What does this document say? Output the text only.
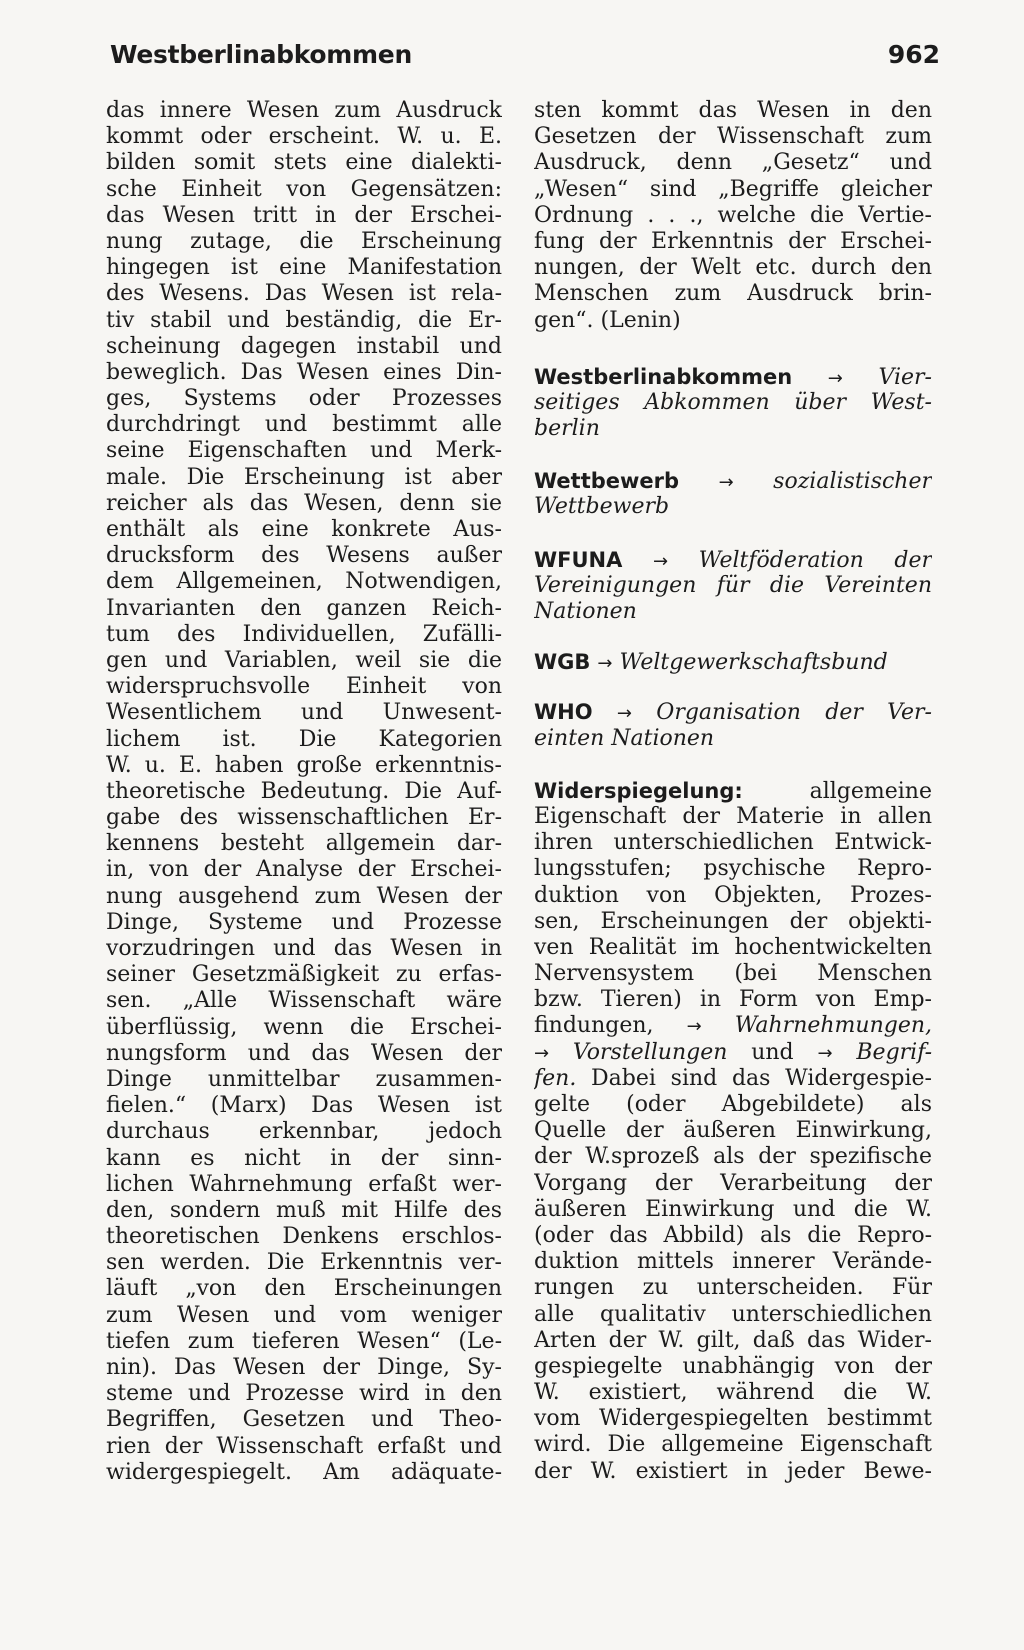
Westberlinabkommen	962
das innere Wesen zum Ausdruck
kommt oder erscheint. W. u. E.
bilden somit stets eine dialekti-
sche Einheit von Gegensätzen:
das Wesen tritt in der Erschei-
nung zutage, die Erscheinung
hingegen ist eine Manifestation
des Wesens. Das Wesen ist rela-
tiv stabil und beständig, die Er-
scheinung dagegen instabil und
beweglich. Das Wesen eines Din-
ges, Systems oder Prozesses
durchdringt und bestimmt alle
seine Eigenschaften und Merk-
male. Die Erscheinung ist aber
reicher als das Wesen, denn sie
enthält als eine konkrete Aus-
drucksform des Wesens außer
dem Allgemeinen, Notwendigen,
Invarianten den ganzen Reich-
tum des Individuellen, Zufälli-
gen und Variablen, weil sie die
widerspruchsvolle Einheit von
Wesentlichem und Unwesent-
lichem ist. Die Kategorien
W. u. E. haben große erkenntnis-
theoretische Bedeutung. Die Auf-
gabe des wissenschaftlichen Er-
kennens besteht allgemein dar-
in, von der Analyse der Erschei-
nung ausgehend zum Wesen der
Dinge, Systeme und Prozesse
vorzudringen und das Wesen in
seiner Gesetzmäßigkeit zu erfas-
sen. „Alle Wissenschaft wäre
überflüssig, wenn die Erschei-
nungsform und das Wesen der
Dinge unmittelbar zusammen-
fielen.“ (Marx) Das Wesen ist
durchaus erkennbar, jedoch
kann es nicht in der sinn-
lichen Wahrnehmung erfaßt wer-
den, sondern muß mit Hilfe des
theoretischen Denkens erschlos-
sen werden. Die Erkenntnis ver-
läuft „von den Erscheinungen
zum Wesen und vom weniger
tiefen zum tieferen Wesen“ (Le-
nin). Das Wesen der Dinge, Sy-
steme und Prozesse wird in den
Begriffen, Gesetzen und Theo-
rien der Wissenschaft erfaßt und
widergespiegelt. Am adäquate-
sten kommt das Wesen in den
Gesetzen der Wissenschaft zum
Ausdruck, denn „Gesetz“ und
„Wesen“ sind „Begriffe gleicher
Ordnung . . ., welche die Vertie-
fung der Erkenntnis der Erschei-
nungen, der Welt etc. durch den
Menschen zum Ausdruck brin-
gen“. (Lenin)
Westberlinabkommen → Vier-
seitiges Abkommen über West-
berlin
Wettbewerb → sozialistischer
Wettbewerb
WFUNA → Weltföderation der
Vereinigungen für die Vereinten
Nationen
WGB → Weltgewerkschaftsbund
WHO → Organisation der Ver-
einten Nationen
Widerspiegelung:	allgemeine
Eigenschaft der Materie in allen
ihren unterschiedlichen Entwick-
lungsstufen; psychische Repro-
duktion von Objekten, Prozes-
sen, Erscheinungen der objekti-
ven Realität im hochentwickelten
Nervensystem (bei Menschen
bzw. Tieren) in Form von Emp-
findungen, → Wahrnehmungen,
→ Vorstellungen und → Begrif-
fen. Dabei sind das Widergespie-
gelte (oder Abgebildete) als
Quelle der äußeren Einwirkung,
der W.sprozeß als der spezifische
Vorgang der Verarbeitung der
äußeren Einwirkung und die W.
(oder das Abbild) als die Repro-
duktion mittels innerer Verände-
rungen zu unterscheiden. Für
alle qualitativ unterschiedlichen
Arten der W. gilt, daß das Wider-
gespiegelte unabhängig von der
W. existiert, während die W.
vom Widergespiegelten bestimmt
wird. Die allgemeine Eigenschaft
der W. existiert in jeder Bewe-
